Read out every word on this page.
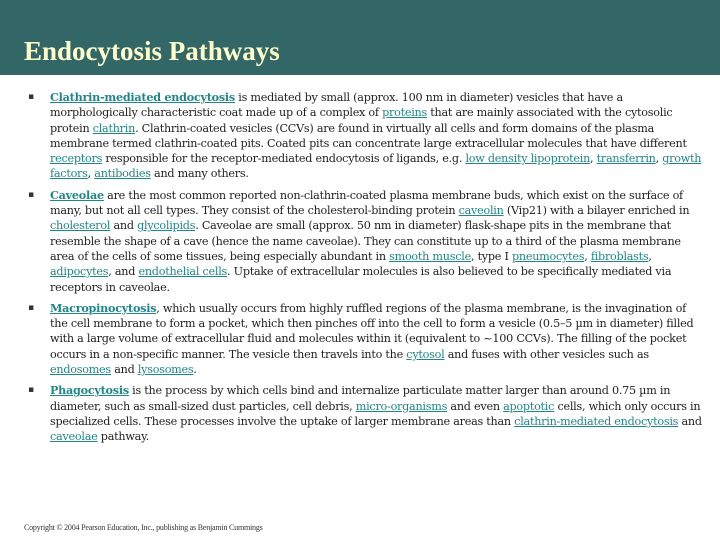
Endocytosis Pathways
▪ Clathrin-mediated endocytosis is mediated by small (approx. 100 nm in diameter) vesicles that have a morphologically characteristic coat made up of a complex of proteins that are mainly associated with the cytosolic protein clathrin. Clathrin-coated vesicles (CCVs) are found in virtually all cells and form domains of the plasma membrane termed clathrin-coated pits. Coated pits can concentrate large extracellular molecules that have different receptors responsible for the receptor-mediated endocytosis of ligands, e.g. low density lipoprotein, transferrin, growth factors, antibodies and many others.
▪ Caveolae are the most common reported non-clathrin-coated plasma membrane buds, which exist on the surface of many, but not all cell types. They consist of the cholesterol-binding protein caveolin (Vip21) with a bilayer enriched in cholesterol and glycolipids. Caveolae are small (approx. 50 nm in diameter) flask-shape pits in the membrane that resemble the shape of a cave (hence the name caveolae). They can constitute up to a third of the plasma membrane area of the cells of some tissues, being especially abundant in smooth muscle, type I pneumocytes, fibroblasts, adipocytes, and endothelial cells. Uptake of extracellular molecules is also believed to be specifically mediated via receptors in caveolae.
▪ Macropinocytosis, which usually occurs from highly ruffled regions of the plasma membrane, is the invagination of the cell membrane to form a pocket, which then pinches off into the cell to form a vesicle (0.5–5 µm in diameter) filled with a large volume of extracellular fluid and molecules within it (equivalent to ~100 CCVs). The filling of the pocket occurs in a non-specific manner. The vesicle then travels into the cytosol and fuses with other vesicles such as endosomes and lysosomes.
▪ Phagocytosis is the process by which cells bind and internalize particulate matter larger than around 0.75 µm in diameter, such as small-sized dust particles, cell debris, micro-organisms and even apoptotic cells, which only occurs in specialized cells. These processes involve the uptake of larger membrane areas than clathrin-mediated endocytosis and caveolae pathway.
Copyright © 2004 Pearson Education, Inc., publishing as Benjamin Cummings
